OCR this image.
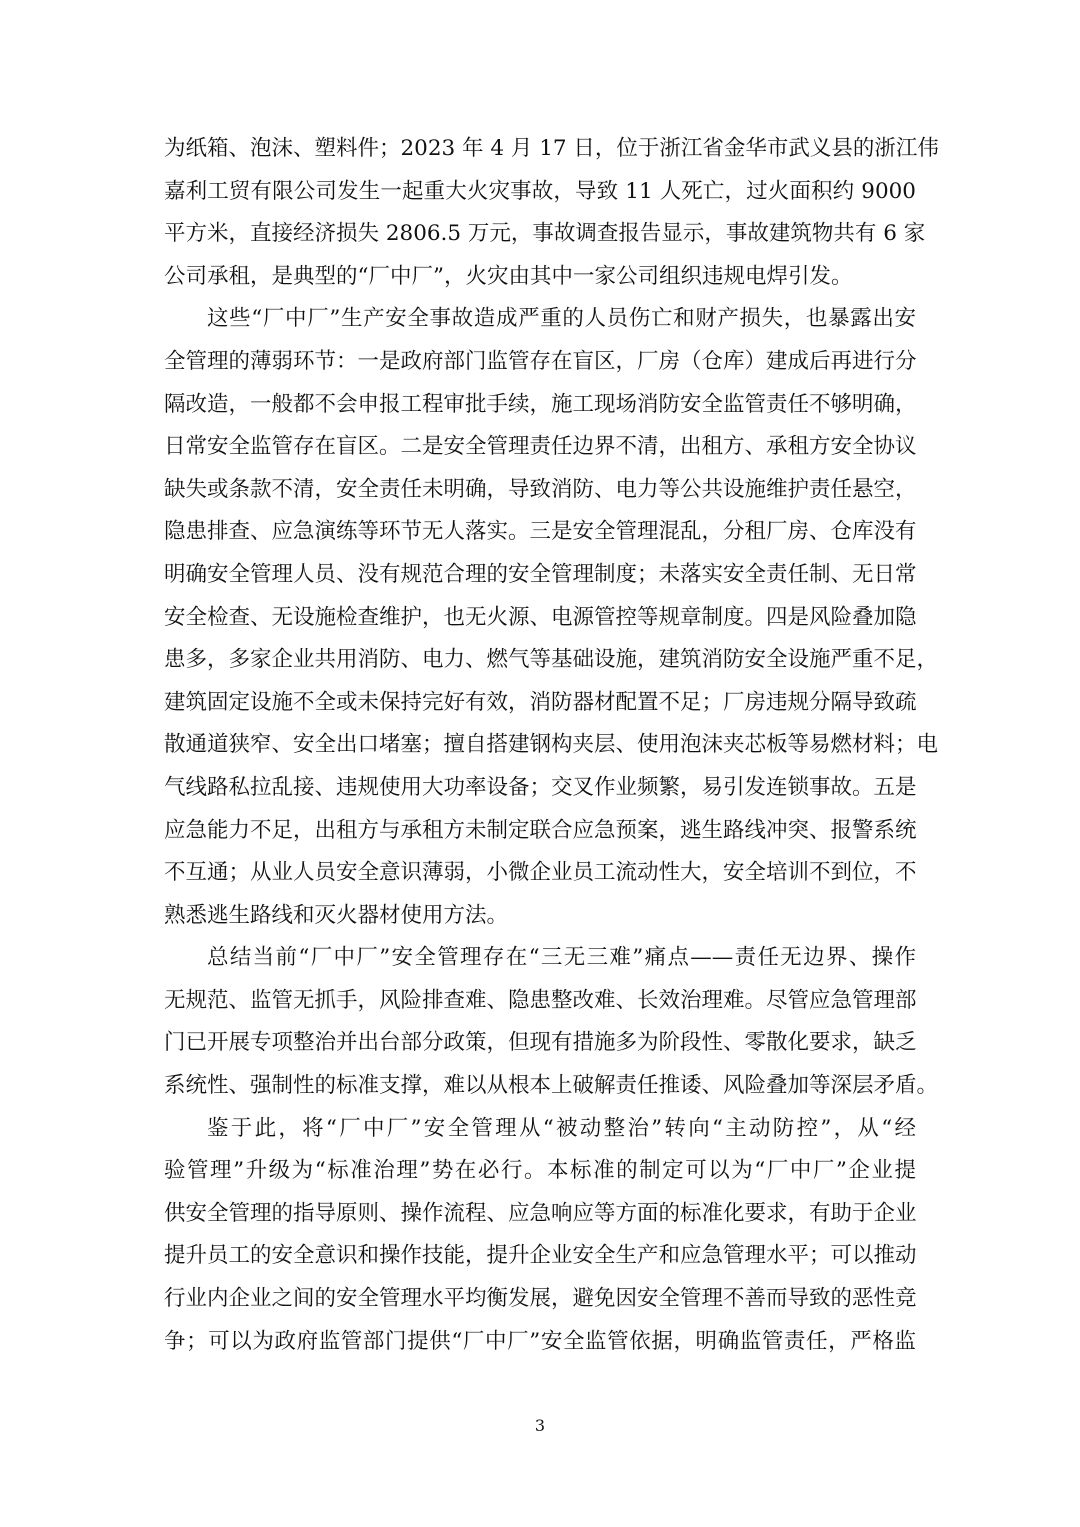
为纸箱、泡沫、塑料件；2023 年 4 月 17 日，位于浙江省金华市武义县的浙江伟
嘉利工贸有限公司发生一起重大火灾事故，导致 11 人死亡，过火面积约 9000
平方米，直接经济损失 2806.5 万元，事故调查报告显示，事故建筑物共有 6 家
公司承租，是典型的“厂中厂”，火灾由其中一家公司组织违规电焊引发。
这些“厂中厂”生产安全事故造成严重的人员伤亡和财产损失，也暴露出安
全管理的薄弱环节：一是政府部门监管存在盲区，厂房（仓库）建成后再进行分
隔改造，一般都不会申报工程审批手续，施工现场消防安全监管责任不够明确，
日常安全监管存在盲区。二是安全管理责任边界不清，出租方、承租方安全协议
缺失或条款不清，安全责任未明确，导致消防、电力等公共设施维护责任悬空，
隐患排查、应急演练等环节无人落实。三是安全管理混乱，分租厂房、仓库没有
明确安全管理人员、没有规范合理的安全管理制度；未落实安全责任制、无日常
安全检查、无设施检查维护，也无火源、电源管控等规章制度。四是风险叠加隐
患多，多家企业共用消防、电力、燃气等基础设施，建筑消防安全设施严重不足，
建筑固定设施不全或未保持完好有效，消防器材配置不足；厂房违规分隔导致疏
散通道狭窄、安全出口堵塞；擅自搭建钢构夹层、使用泡沫夹芯板等易燃材料；电
气线路私拉乱接、违规使用大功率设备；交叉作业频繁，易引发连锁事故。五是
应急能力不足，出租方与承租方未制定联合应急预案，逃生路线冲突、报警系统
不互通；从业人员安全意识薄弱，小微企业员工流动性大，安全培训不到位，不
熟悉逃生路线和灭火器材使用方法。
总结当前“厂中厂”安全管理存在“三无三难”痛点——责任无边界、操作
无规范、监管无抓手，风险排查难、隐患整改难、长效治理难。尽管应急管理部
门已开展专项整治并出台部分政策，但现有措施多为阶段性、零散化要求，缺乏
系统性、强制性的标准支撑，难以从根本上破解责任推诿、风险叠加等深层矛盾。
鉴于此，将“厂中厂”安全管理从“被动整治”转向“主动防控”，从“经
验管理”升级为“标准治理”势在必行。本标准的制定可以为“厂中厂”企业提
供安全管理的指导原则、操作流程、应急响应等方面的标准化要求，有助于企业
提升员工的安全意识和操作技能，提升企业安全生产和应急管理水平；可以推动
行业内企业之间的安全管理水平均衡发展，避免因安全管理不善而导致的恶性竞
争；可以为政府监管部门提供“厂中厂”安全监管依据，明确监管责任，严格监
3
